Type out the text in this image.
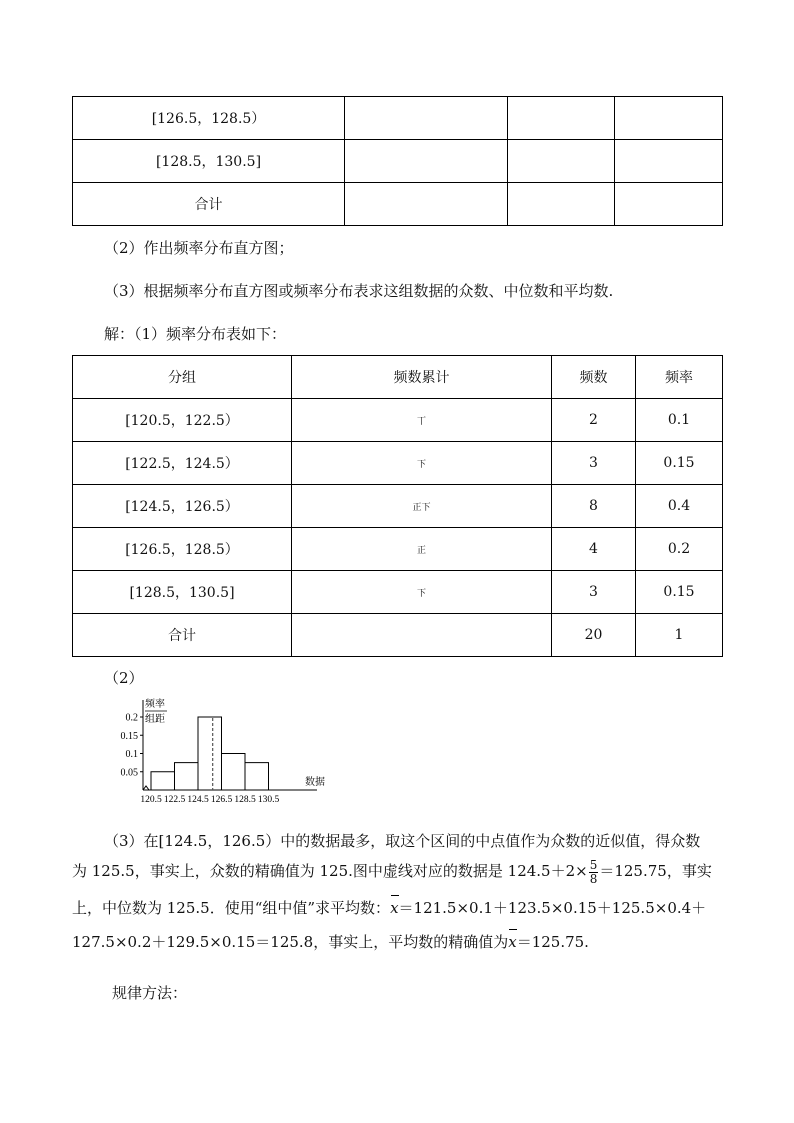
[126.5，128.5）			
[128.5，130.5]			
合计			
（2）作出频率分布直方图；
（3）根据频率分布直方图或频率分布表求这组数据的众数、中位数和平均数.
解：（1）频率分布表如下：
分组	频数累计	频数	频率
[120.5，122.5）	丅	2	0.1
[122.5，124.5）	下	3	0.15
[124.5，126.5）	正下	8	0.4
[126.5，128.5）	正	4	0.2
[128.5，130.5]	下	3	0.15
合计		20	1
（2）
0.2
0.15
0.1
0.05
120.5 122.5 124.5 126.5 128.5 130.5
频率
组距
数据
（3）在[124.5，126.5）中的数据最多，取这个区间的中点值作为众数的近似值，得众数
为 125.5，事实上，众数的精确值为 125.图中虚线对应的数据是 $124.5+2\times \frac{5}{8} =125.75$，事实
上，中位数为 125.5．使用“组中值”求平均数：x＝121.5×0.1＋123.5×0.15＋125.5×0.4＋
127.5×0.2＋129.5×0.15＝125.8，事实上，平均数的精确值为x＝125.75.
规律方法：
